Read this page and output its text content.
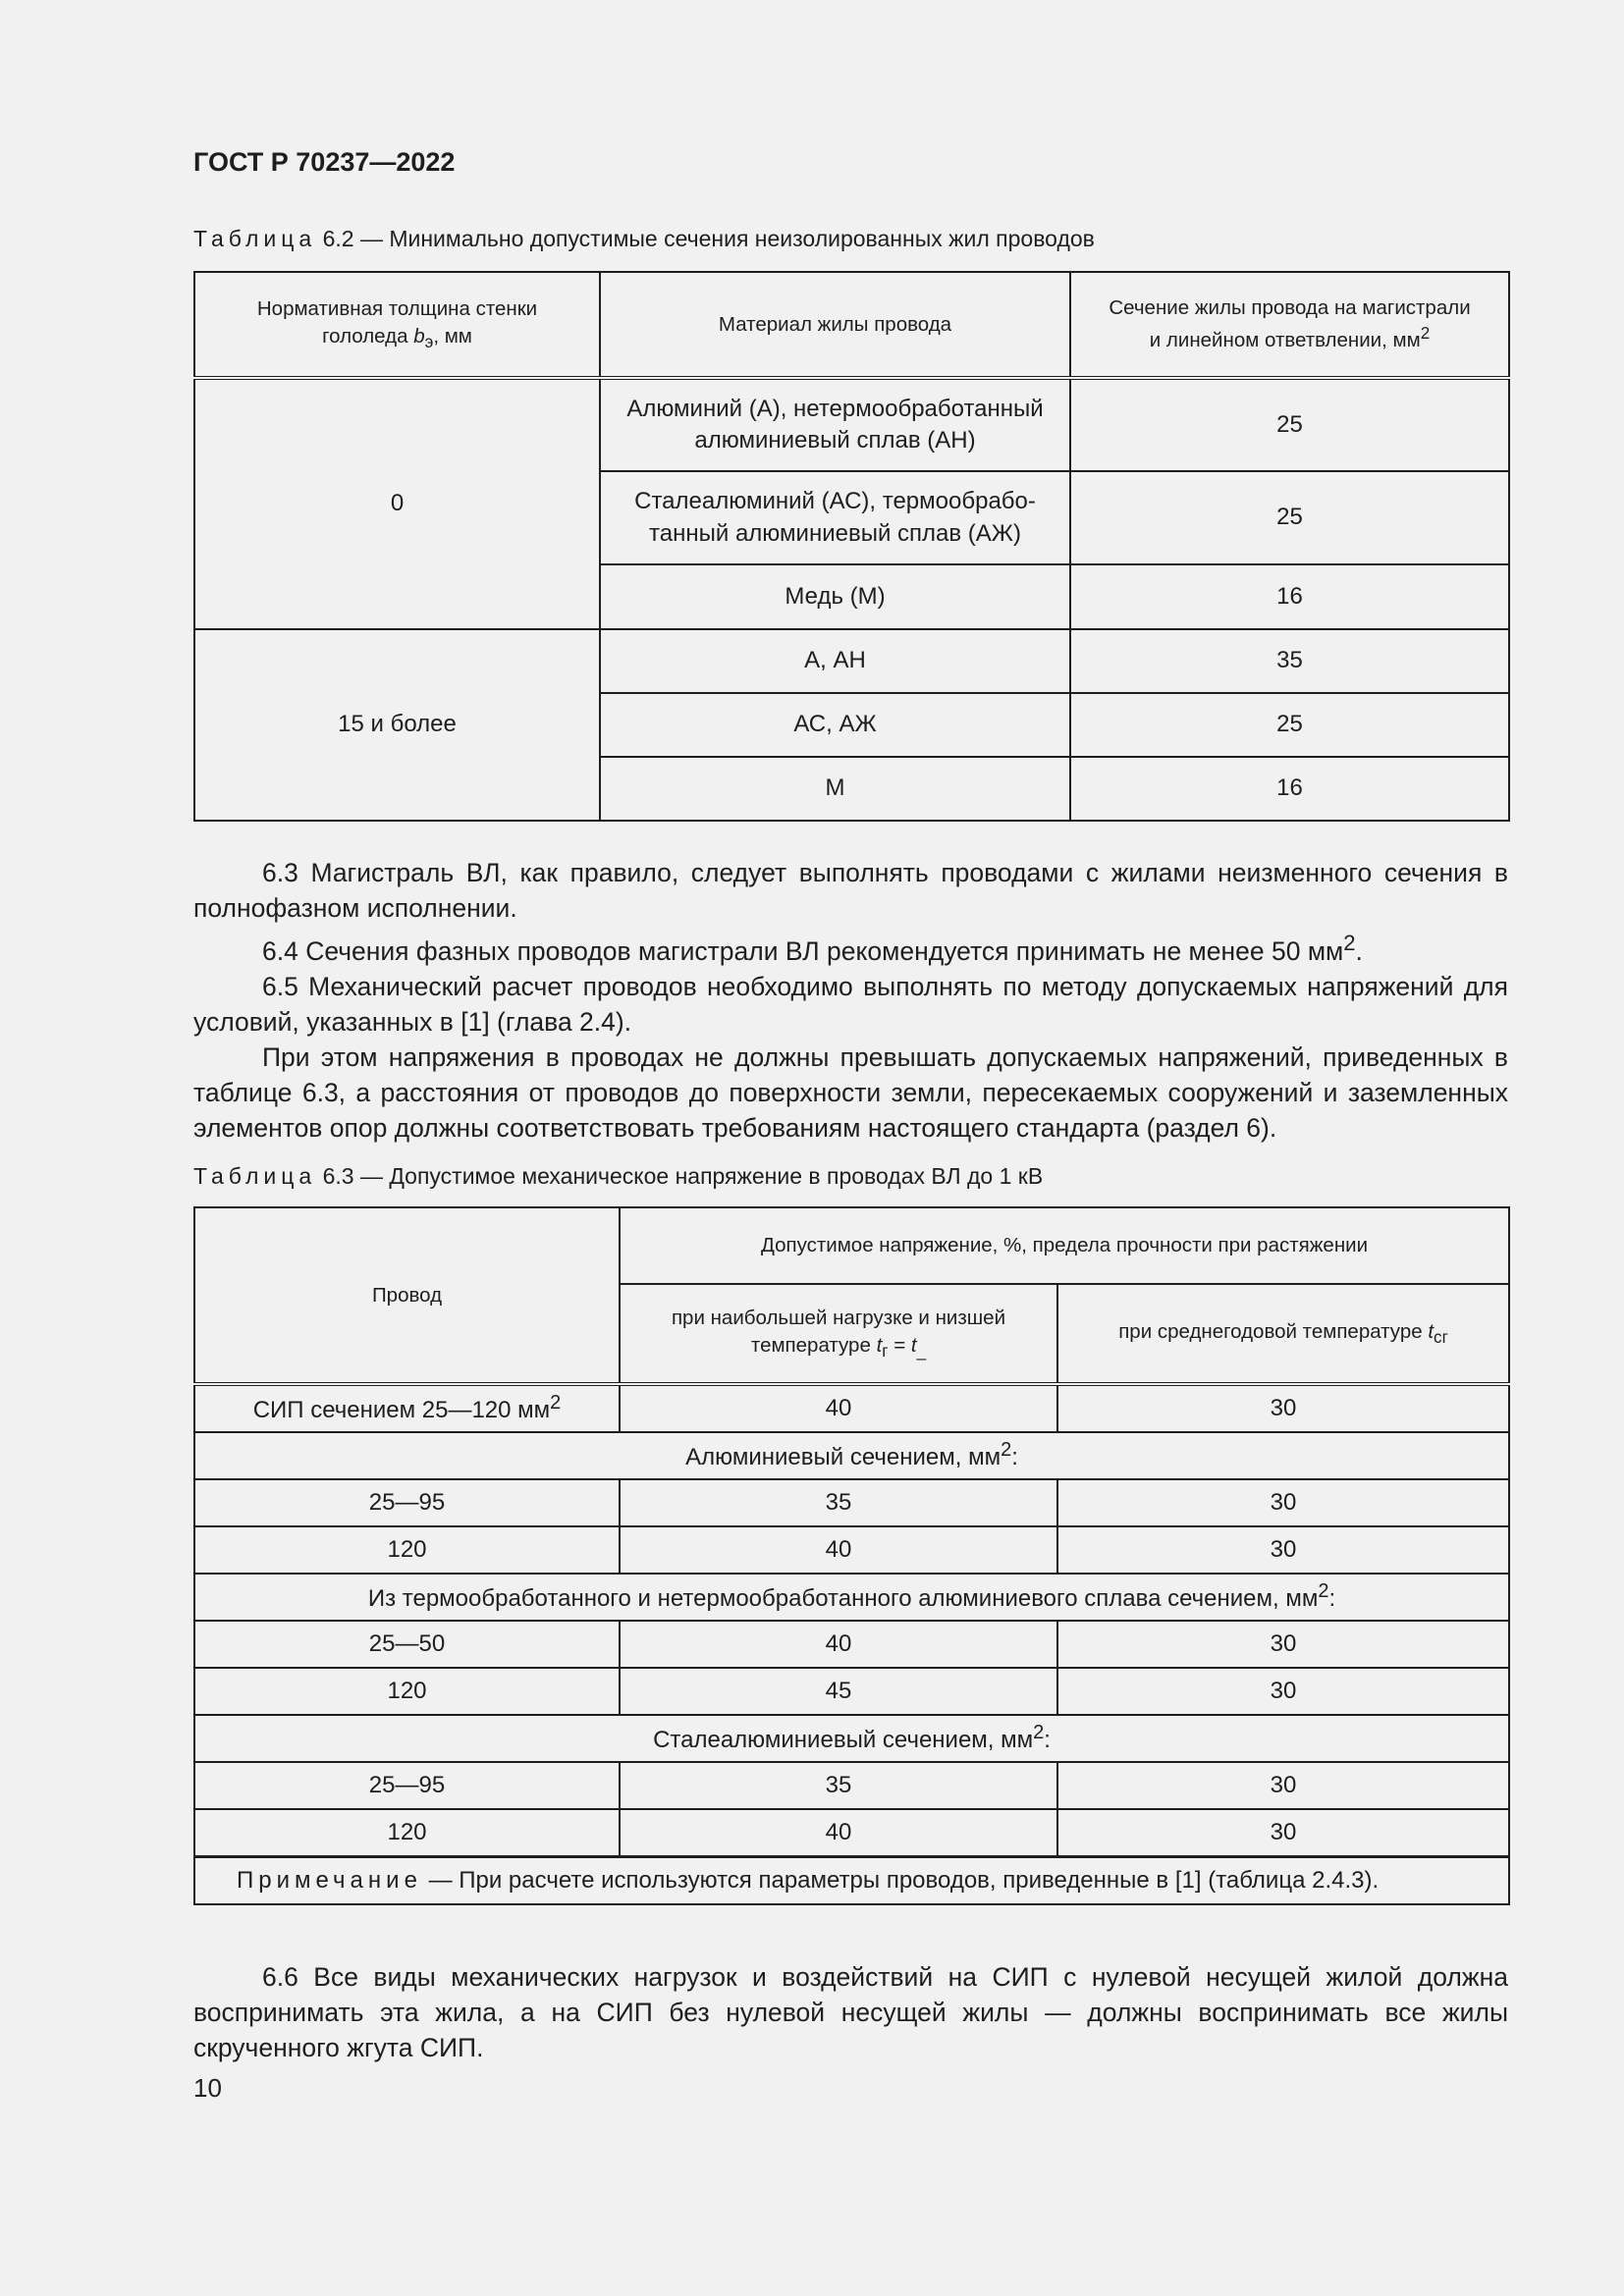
ГОСТ Р 70237—2022
Таблица 6.2 — Минимально допустимые сечения неизолированных жил проводов
Нормативная толщина стенки
гололеда $b_э$, мм	Материал жилы провода	Сечение жилы провода на магистрали
и линейном ответвлении, $мм^2$
0	Алюминий (А), нетермообработанный алюминиевый сплав (АН)	25
	Сталеалюминий (АС), термообрабо-танный алюминиевый сплав (АЖ)	25
	Медь (М)	16
15 и более	А, АН	35
	АС, АЖ	25
	М	16

6.3 Магистраль ВЛ, как правило, следует выполнять проводами с жилами неизменного сечения в полнофазном исполнении.

6.4 Сечения фазных проводов магистрали ВЛ рекомендуется принимать не менее 50 $мм^2$.

6.5 Механический расчет проводов необходимо выполнять по методу допускаемых напряжений для условий, указанных в [1] (глава 2.4).

При этом напряжения в проводах не должны превышать допускаемых напряжений, приведенных в таблице 6.3, а расстояния от проводов до поверхности земли, пересекаемых сооружений и заземленных элементов опор должны соответствовать требованиям настоящего стандарта (раздел 6).

Таблица 6.3 — Допустимое механическое напряжение в проводах ВЛ до 1 кВ
Провод	Допустимое напряжение, %, предела прочности при растяжении	
	при наибольшей нагрузке и низшей
температуре $t_г = t_{\_}$	при среднегодовой температуре $t_{сг}$
СИП сечением 25—120 $мм^2$	40	30
Алюминиевый сечением, $мм^2$:		
25—95	35	30
120	40	30
Из термообработанного и нетермообработанного алюминиевого сплава сечением, $мм^2$:		
25—50	40	30
120	45	30
Сталеалюминиевый сечением, $мм^2$:		
25—95	35	30
120	40	30
Примечание — При расчете используются параметры проводов, приведенные в [1] (таблица 2.4.3).		

6.6 Все виды механических нагрузок и воздействий на СИП с нулевой несущей жилой должна воспринимать эта жила, а на СИП без нулевой несущей жилы — должны воспринимать все жилы скрученного жгута СИП.

10
